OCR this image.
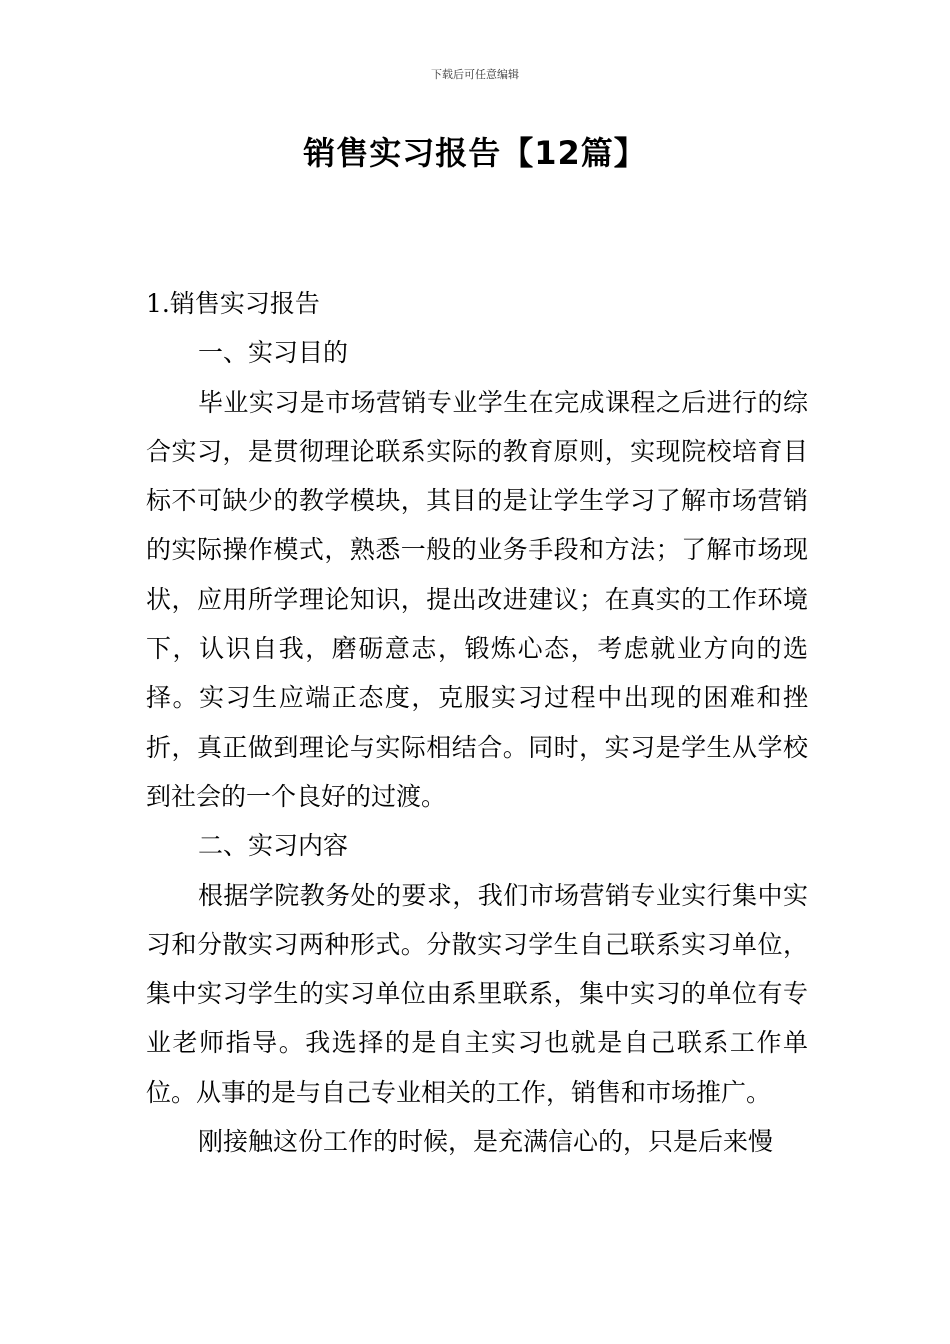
下载后可任意编辑
销售实习报告【12篇】

1.销售实习报告

一、实习目的

毕业实习是市场营销专业学生在完成课程之后进行的综合实习，是贯彻理论联系实际的教育原则，实现院校培育目标不可缺少的教学模块，其目的是让学生学习了解市场营销的实际操作模式，熟悉一般的业务手段和方法；了解市场现状，应用所学理论知识，提出改进建议；在真实的工作环境下，认识自我，磨砺意志，锻炼心态，考虑就业方向的选择。实习生应端正态度，克服实习过程中出现的困难和挫折，真正做到理论与实际相结合。同时，实习是学生从学校到社会的一个良好的过渡。

二、实习内容

根据学院教务处的要求，我们市场营销专业实行集中实习和分散实习两种形式。分散实习学生自己联系实习单位，集中实习学生的实习单位由系里联系，集中实习的单位有专业老师指导。我选择的是自主实习也就是自己联系工作单位。从事的是与自己专业相关的工作，销售和市场推广。

刚接触这份工作的时候，是充满信心的，只是后来慢
